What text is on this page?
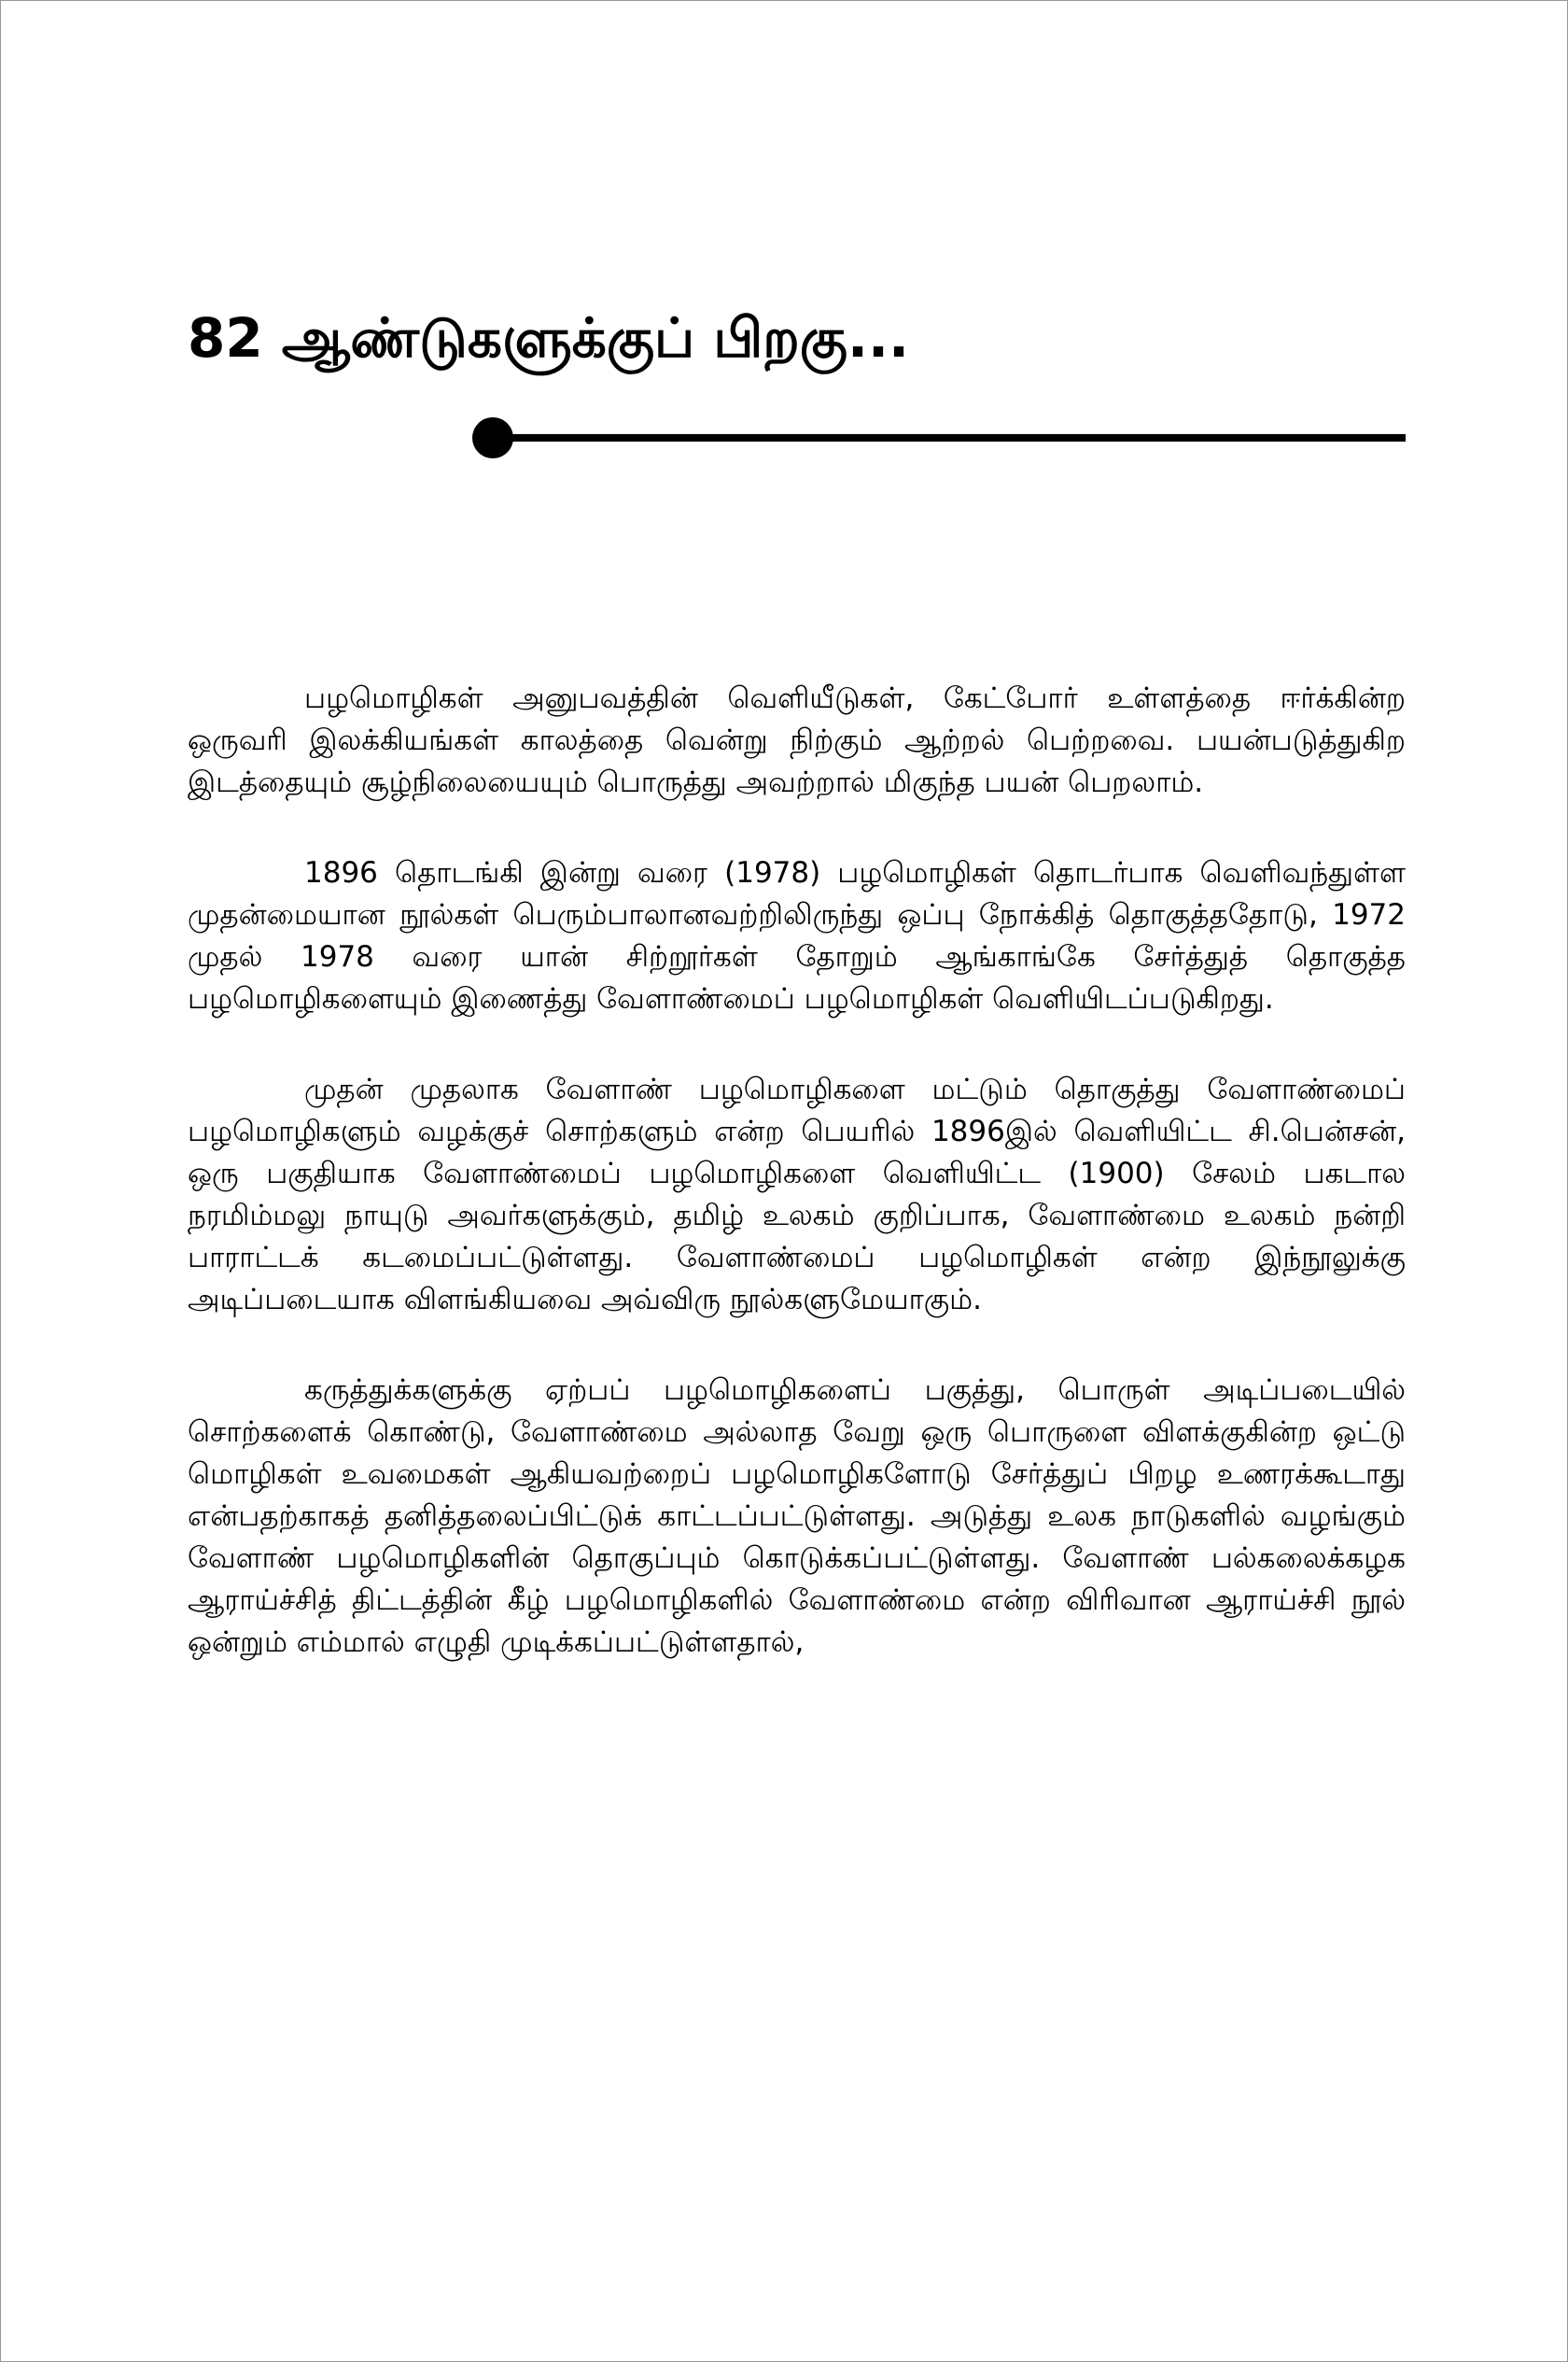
82 ஆண்டுகளுக்குப் பிறகு...

பழமொழிகள் அனுபவத்தின் வெளியீடுகள், கேட்போர் உள்ளத்தை ஈர்க்கின்ற ஒருவரி இலக்கியங்கள் காலத்தை வென்று நிற்கும் ஆற்றல் பெற்றவை. பயன்படுத்துகிற இடத்தையும் சூழ்நிலையையும் பொருத்து அவற்றால் மிகுந்த பயன் பெறலாம்.

1896 தொடங்கி இன்று வரை (1978) பழமொழிகள் தொடர்பாக வெளிவந்துள்ள முதன்மையான நூல்கள் பெரும்பாலானவற்றிலிருந்து ஒப்பு நோக்கித் தொகுத்ததோடு, 1972 முதல் 1978 வரை யான் சிற்றூர்கள் தோறும் ஆங்காங்கே சேர்த்துத் தொகுத்த பழமொழிகளையும் இணைத்து வேளாண்மைப் பழமொழிகள் வெளியிடப்படுகிறது.

முதன் முதலாக வேளாண் பழமொழிகளை மட்டும் தொகுத்து வேளாண்மைப் பழமொழிகளும் வழக்குச் சொற்களும் என்ற பெயரில் 1896இல் வெளியிட்ட சி.பென்சன், ஒரு பகுதியாக வேளாண்மைப் பழமொழிகளை வெளியிட்ட (1900) சேலம் பகடால நரமிம்மலு நாயுடு அவர்களுக்கும், தமிழ் உலகம் குறிப்பாக, வேளாண்மை உலகம் நன்றி பாராட்டக் கடமைப்பட்டுள்ளது. வேளாண்மைப் பழமொழிகள் என்ற இந்நூலுக்கு அடிப்படையாக விளங்கியவை அவ்விரு நூல்களுமேயாகும்.

கருத்துக்களுக்கு ஏற்பப் பழமொழிகளைப் பகுத்து, பொருள் அடிப்படையில் சொற்களைக் கொண்டு, வேளாண்மை அல்லாத வேறு ஒரு பொருளை விளக்குகின்ற ஒட்டு மொழிகள் உவமைகள் ஆகியவற்றைப் பழமொழிகளோடு சேர்த்துப் பிறழ உணரக்கூடாது என்பதற்காகத் தனித்தலைப்பிட்டுக் காட்டப்பட்டுள்ளது. அடுத்து உலக நாடுகளில் வழங்கும் வேளாண் பழமொழிகளின் தொகுப்பும் கொடுக்கப்பட்டுள்ளது. வேளாண் பல்கலைக்கழக ஆராய்ச்சித் திட்டத்தின் கீழ் பழமொழிகளில் வேளாண்மை என்ற விரிவான ஆராய்ச்சி நூல் ஒன்றும் எம்மால் எழுதி முடிக்கப்பட்டுள்ளதால்,
